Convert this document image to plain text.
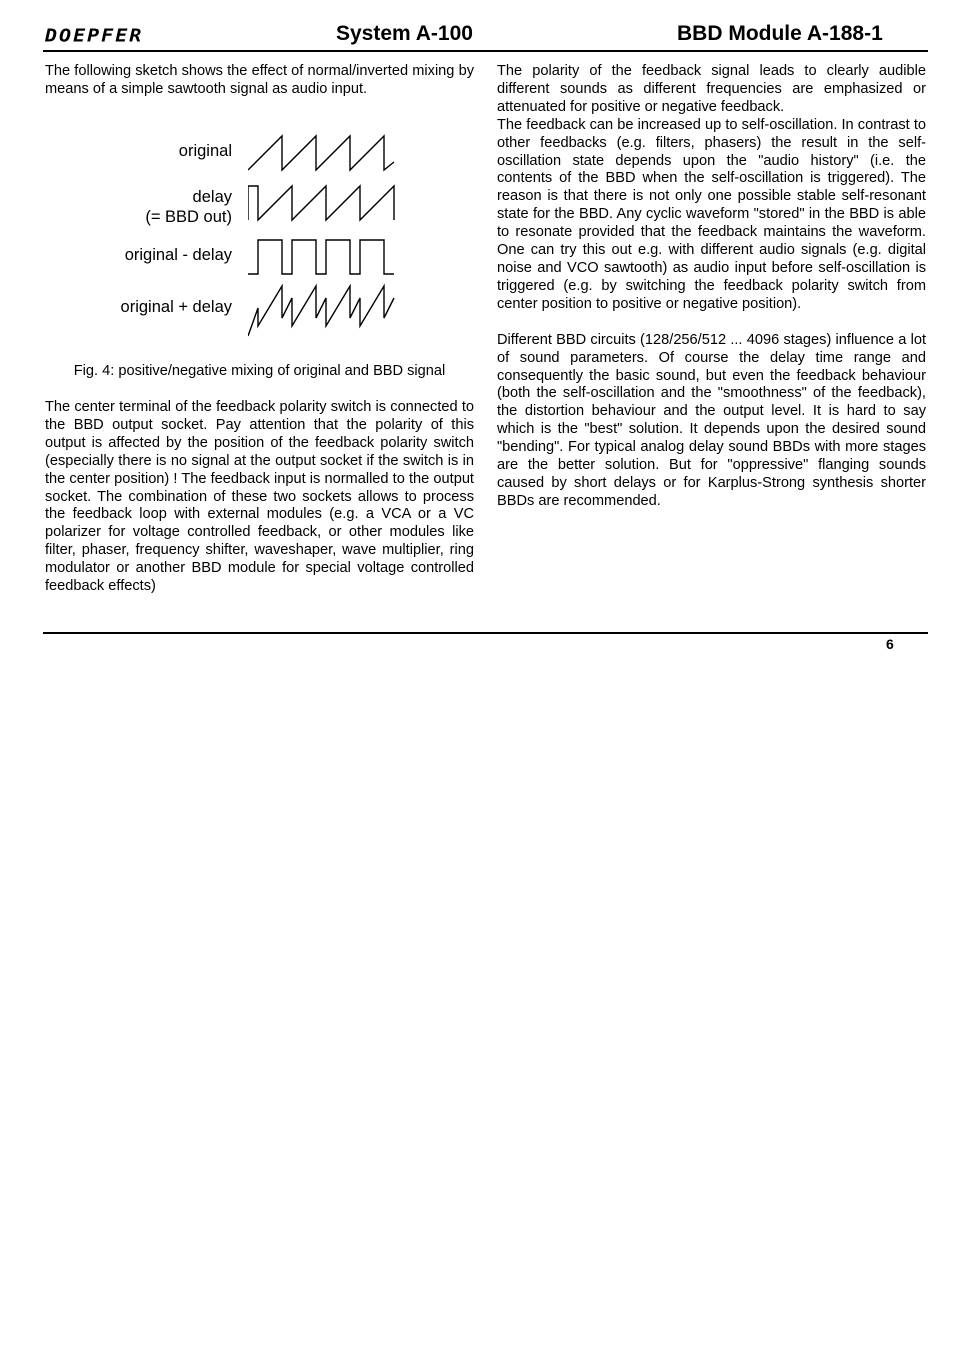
DOEPFER	System A-100	BBD Module A-188-1

The following sketch shows the effect of normal/inverted mixing by means of a simple sawtooth signal as audio input.

original
delay
(= BBD out)
original - delay
original + delay
Fig. 4: positive/negative mixing of original and BBD signal

The center terminal of the feedback polarity switch is connected to the BBD output socket. Pay attention that the polarity of this output is affected by the position of the feedback polarity switch (especially there is no signal at the output socket if the switch is in the center position) ! The feedback input is normalled to the output socket. The combination of these two sockets allows to process the feedback loop with external modules (e.g. a VCA or a VC polarizer for voltage controlled feedback, or other modules like filter, phaser, frequency shifter, waveshaper, wave multiplier, ring modulator or another BBD module for special voltage controlled feedback effects)

The polarity of the feedback signal leads to clearly audible different sounds as different frequencies are emphasized or attenuated for positive or negative feedback.

The feedback can be increased up to self-oscillation. In contrast to other feedbacks (e.g. filters, phasers) the result in the self-oscillation state depends upon the "audio history" (i.e. the contents of the BBD when the self-oscillation is triggered). The reason is that there is not only one possible stable self-resonant state for the BBD. Any cyclic waveform "stored" in the BBD is able to resonate provided that the feedback maintains the waveform. One can try this out e.g. with different audio signals (e.g. digital noise and VCO sawtooth) as audio input before self-oscillation is triggered (e.g. by switching the feedback polarity switch from center position to positive or negative position).

Different BBD circuits (128/256/512 ... 4096 stages) influence a lot of sound parameters. Of course the delay time range and consequently the basic sound, but even the feedback behaviour (both the self-oscillation and the "smoothness" of the feedback), the distortion behaviour and the output level. It is hard to say which is the "best" solution. It depends upon the desired sound "bending". For typical analog delay sound BBDs with more stages are the better solution. But for "oppressive" flanging sounds caused by short delays or for Karplus-Strong synthesis shorter BBDs are recommended.

6
